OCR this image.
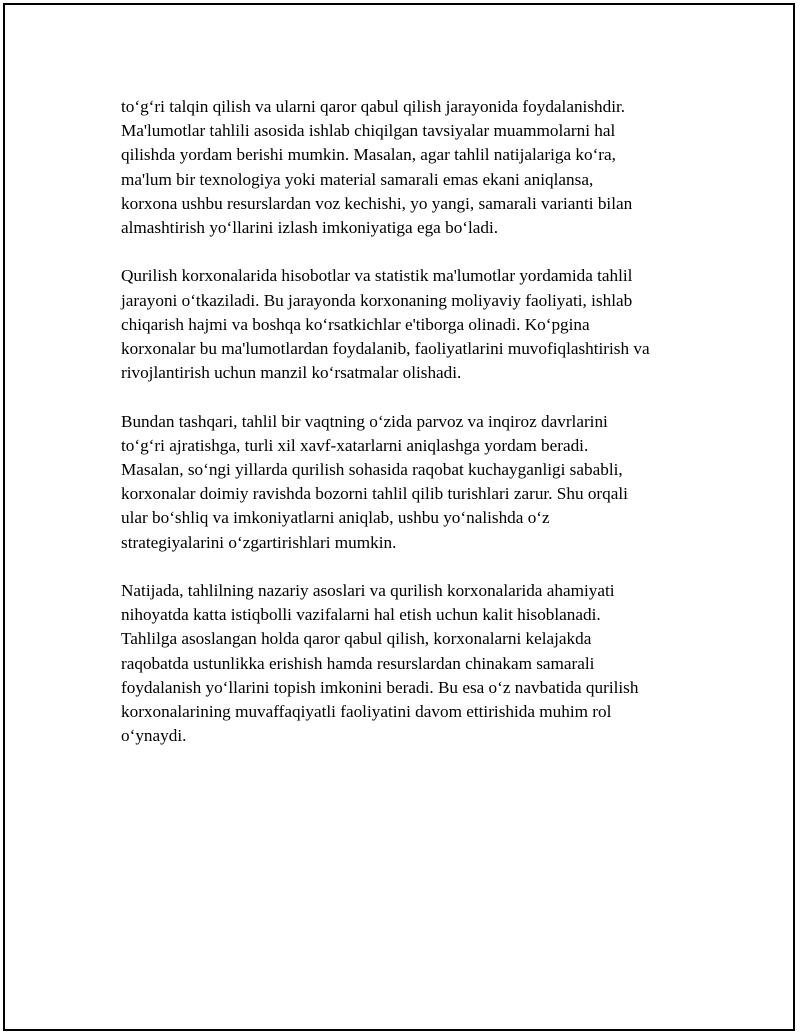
to‘g‘ri talqin qilish va ularni qaror qabul qilish jarayonida foydalanishdir.
Ma'lumotlar tahlili asosida ishlab chiqilgan tavsiyalar muammolarni hal
qilishda yordam berishi mumkin. Masalan, agar tahlil natijalariga ko‘ra,
ma'lum bir texnologiya yoki material samarali emas ekani aniqlansa,
korxona ushbu resurslardan voz kechishi, yo yangi, samarali varianti bilan
almashtirish yo‘llarini izlash imkoniyatiga ega bo‘ladi.

Qurilish korxonalarida hisobotlar va statistik ma'lumotlar yordamida tahlil
jarayoni o‘tkaziladi. Bu jarayonda korxonaning moliyaviy faoliyati, ishlab
chiqarish hajmi va boshqa ko‘rsatkichlar e'tiborga olinadi. Ko‘pgina
korxonalar bu ma'lumotlardan foydalanib, faoliyatlarini muvofiqlashtirish va
rivojlantirish uchun manzil ko‘rsatmalar olishadi.

Bundan tashqari, tahlil bir vaqtning o‘zida parvoz va inqiroz davrlarini
to‘g‘ri ajratishga, turli xil xavf-xatarlarni aniqlashga yordam beradi.
Masalan, so‘ngi yillarda qurilish sohasida raqobat kuchayganligi sababli,
korxonalar doimiy ravishda bozorni tahlil qilib turishlari zarur. Shu orqali
ular bo‘shliq va imkoniyatlarni aniqlab, ushbu yo‘nalishda o‘z
strategiyalarini o‘zgartirishlari mumkin.

Natijada, tahlilning nazariy asoslari va qurilish korxonalarida ahamiyati
nihoyatda katta istiqbolli vazifalarni hal etish uchun kalit hisoblanadi.
Tahlilga asoslangan holda qaror qabul qilish, korxonalarni kelajakda
raqobatda ustunlikka erishish hamda resurslardan chinakam samarali
foydalanish yo‘llarini topish imkonini beradi. Bu esa o‘z navbatida qurilish
korxonalarining muvaffaqiyatli faoliyatini davom ettirishida muhim rol
o‘ynaydi.
